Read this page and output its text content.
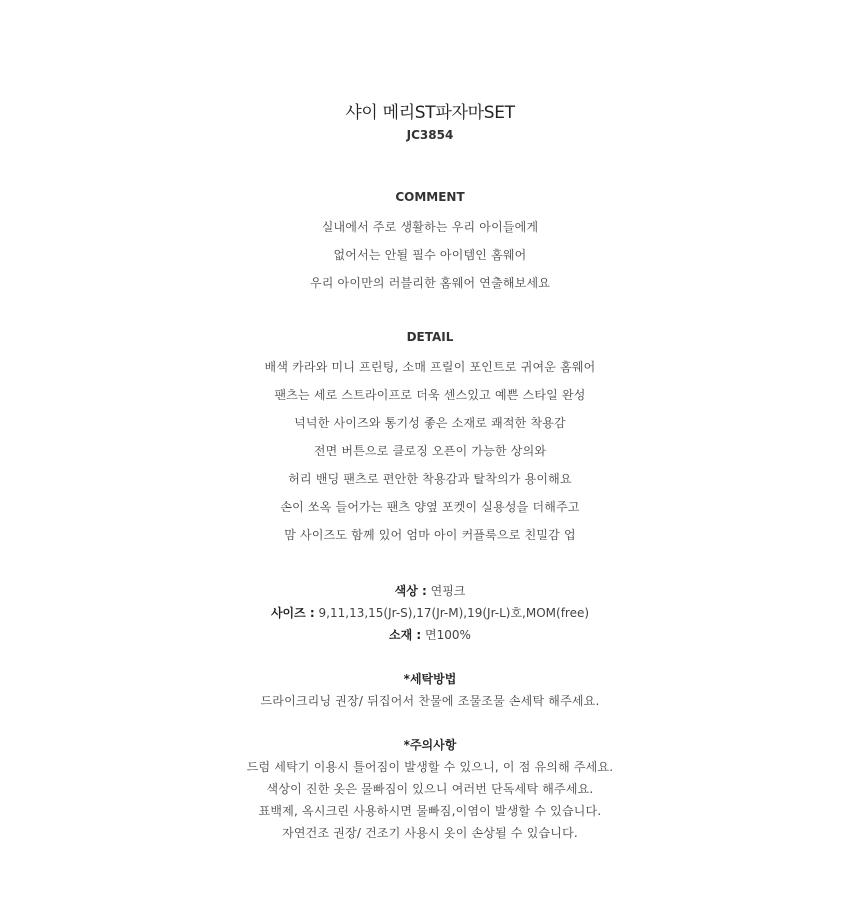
샤이 메리ST파자마SET
JC3854
COMMENT
실내에서 주로 생활하는 우리 아이들에게
없어서는 안될 필수 아이템인 홈웨어
우리 아이만의 러블리한 홈웨어 연출해보세요
DETAIL
배색 카라와 미니 프린팅, 소매 프릴이 포인트로 귀여운 홈웨어
팬츠는 세로 스트라이프로 더욱 센스있고 예쁜 스타일 완성
넉넉한 사이즈와 통기성 좋은 소재로 쾌적한 착용감
전면 버튼으로 클로징 오픈이 가능한 상의와
허리 밴딩 팬츠로 편안한 착용감과 탈착의가 용이해요
손이 쏘옥 들어가는 팬츠 양옆 포켓이 실용성을 더해주고
맘 사이즈도 함께 있어 엄마 아이 커플룩으로 친밀감 업
색상 : 연핑크
사이즈 : 9,11,13,15(Jr-S),17(Jr-M),19(Jr-L)호,MOM(free)
소재 : 면100%
*세탁방법
드라이크리닝 권장/ 뒤집어서 찬물에 조물조물 손세탁 해주세요.
*주의사항
드럼 세탁기 이용시 틀어짐이 발생할 수 있으니, 이 점 유의해 주세요.
색상이 진한 옷은 물빠짐이 있으니 여러번 단독세탁 해주세요.
표백제, 옥시크린 사용하시면 물빠짐,이염이 발생할 수 있습니다.
자연건조 권장/ 건조기 사용시 옷이 손상될 수 있습니다.
